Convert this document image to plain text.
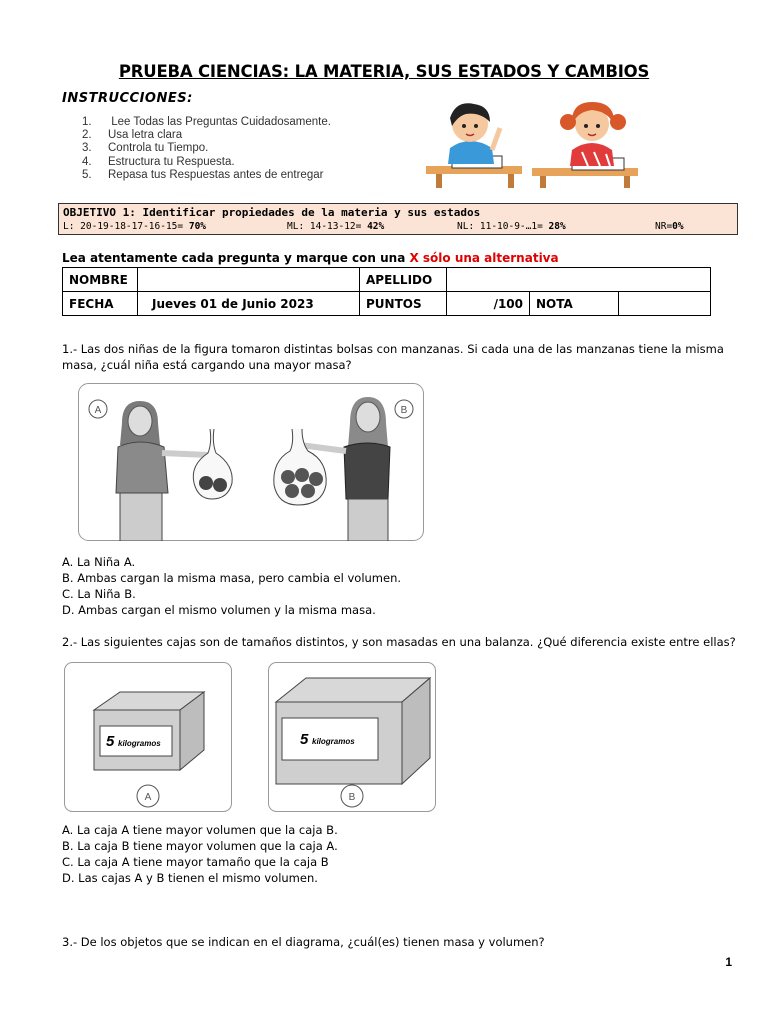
PRUEBA CIENCIAS: LA MATERIA, SUS ESTADOS Y CAMBIOS
INSTRUCCIONES:
1. Lee Todas las Preguntas Cuidadosamente.
2. Usa letra clara
3. Controla tu Tiempo.
4. Estructura tu Respuesta.
5. Repasa tus Respuestas antes de entregar
OBJETIVO 1: Identificar propiedades de la materia y sus estados
L: 20-19-18-17-16-15= 70%	ML: 14-13-12= 42%	NL: 11-10-9-…1= 28%	NR=0%
Lea atentamente cada pregunta y marque con una X sólo una alternativa
NOMBRE		APELLIDO			
FECHA	Jueves 01 de Junio 2023	PUNTOS	/100	NOTA	
1.- Las dos niñas de la figura tomaron distintas bolsas con manzanas. Si cada una de las manzanas tiene la misma masa, ¿cuál niña está cargando una mayor masa?
A	B
A. La Niña A.
B. Ambas cargan la misma masa, pero cambia el volumen.
C. La Niña B.
D. Ambas cargan el mismo volumen y la misma masa.
2.- Las siguientes cajas son de tamaños distintos, y son masadas en una balanza. ¿Qué diferencia existe entre ellas?
5 kilogramos
A
5 kilogramos
B
A. La caja A tiene mayor volumen que la caja B.
B. La caja B tiene mayor volumen que la caja A.
C. La caja A tiene mayor tamaño que la caja B
D. Las cajas A y B tienen el mismo volumen.
3.- De los objetos que se indican en el diagrama, ¿cuál(es) tienen masa y volumen?
1
